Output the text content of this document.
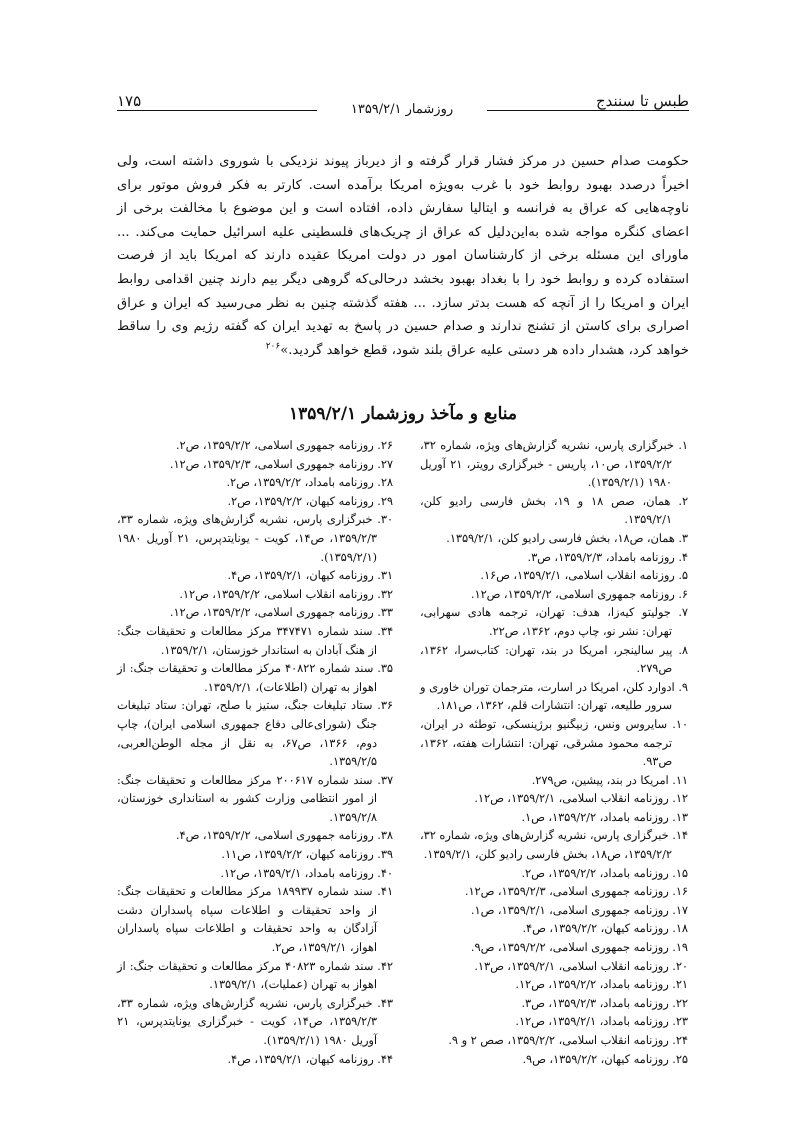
۱۷۵	طبس تا سنندج
روزشمار ۱۳۵۹/۲/۱

حکومت صدام حسین در مرکز فشار قرار گرفته و از دیرباز پیوند نزدیکی با شوروی داشته است، ولی اخیراً درصدد بهبود روابط خود با غرب به‌ویژه امریکا برآمده است. کارتر به فکر فروش موتور برای ناوچه‌هایی که عراق به فرانسه و ایتالیا سفارش داده، افتاده است و این موضوع با مخالفت برخی از اعضای کنگره مواجه شده به‌این‌دلیل که عراق از چریک‌های فلسطینی علیه اسرائیل حمایت می‌کند. ... ماورای این مسئله برخی از کارشناسان امور در دولت امریکا عقیده دارند که امریکا باید از فرصت استفاده کرده و روابط خود را با بغداد بهبود بخشد درحالی‌که گروهی دیگر بیم دارند چنین اقدامی روابط ایران و امریکا را از آنچه که هست بدتر سازد. ... هفته گذشته چنین به نظر می‌رسید که ایران و عراق اصراری برای کاستن از تشنج ندارند و صدام حسین در پاسخ به تهدید ایران که گفته رژیم وی را ساقط خواهد کرد، هشدار داده هر دستی علیه عراق بلند شود، قطع خواهد گردید.»$^{۲۰۶}$

منابع و مآخذ روزشمار ۱۳۵۹/۲/۱
۱. خبرگزاری پارس، نشریه گزارش‌های ویژه، شماره ۳۲، ۱۳۵۹/۲/۲، ص۱۰، پاریس - خبرگزاری رویتر، ۲۱ آوریل ۱۹۸۰ (۱۳۵۹/۲/۱).
۲. همان، صص ۱۸ و ۱۹، بخش فارسی رادیو کلن، ۱۳۵۹/۲/۱.
۳. همان، ص۱۸، بخش فارسی رادیو کلن، ۱۳۵۹/۲/۱.
۴. روزنامه بامداد، ۱۳۵۹/۲/۳، ص۳.
۵. روزنامه انقلاب اسلامی، ۱۳۵۹/۲/۱، ص۱۶.
۶. روزنامه جمهوری اسلامی، ۱۳۵۹/۲/۲، ص۱۲.
۷. جولیتو کیه‌زا، هدف: تهران، ترجمه هادی سهرابی، تهران: نشر نو، چاپ دوم، ۱۳۶۲، ص۲۲.
۸. پیر سالینجر، امریکا در بند، تهران: کتاب‌سرا، ۱۳۶۲، ص۲۷۹.
۹. ادوارد کلن، امریکا در اسارت، مترجمان توران خاوری و سرور طلیعه، تهران: انتشارات قلم، ۱۳۶۲، ص۱۸۱.
۱۰. سایروس ونس، زبیگنیو برژینسکی، توطئه در ایران، ترجمه محمود مشرقی، تهران: انتشارات هفته، ۱۳۶۲، ص۹۳.
۱۱. امریکا در بند، پیشین، ص۲۷۹.
۱۲. روزنامه انقلاب اسلامی، ۱۳۵۹/۲/۱، ص۱۲.
۱۳. روزنامه بامداد، ۱۳۵۹/۲/۲، ص۱.
۱۴. خبرگزاری پارس، نشریه گزارش‌های ویژه، شماره ۳۲، ۱۳۵۹/۲/۲، ص۱۸، بخش فارسی رادیو کلن، ۱۳۵۹/۲/۱.
۱۵. روزنامه بامداد، ۱۳۵۹/۲/۲، ص۲.
۱۶. روزنامه جمهوری اسلامی، ۱۳۵۹/۲/۳، ص۱۲.
۱۷. روزنامه جمهوری اسلامی، ۱۳۵۹/۲/۱، ص۱.
۱۸. روزنامه کیهان، ۱۳۵۹/۲/۲، ص۴.
۱۹. روزنامه جمهوری اسلامی، ۱۳۵۹/۲/۲، ص۹.
۲۰. روزنامه انقلاب اسلامی، ۱۳۵۹/۲/۱، ص۱۳.
۲۱. روزنامه بامداد، ۱۳۵۹/۲/۲، ص۱۲.
۲۲. روزنامه بامداد، ۱۳۵۹/۲/۳، ص۳.
۲۳. روزنامه بامداد، ۱۳۵۹/۲/۱، ص۱۲.
۲۴. روزنامه انقلاب اسلامی، ۱۳۵۹/۲/۲، صص ۲ و ۹.
۲۵. روزنامه کیهان، ۱۳۵۹/۲/۲، ص۹.
۲۶. روزنامه جمهوری اسلامی، ۱۳۵۹/۲/۲، ص۲.
۲۷. روزنامه جمهوری اسلامی، ۱۳۵۹/۲/۳، ص۱۲.
۲۸. روزنامه بامداد، ۱۳۵۹/۲/۲، ص۲.
۲۹. روزنامه کیهان، ۱۳۵۹/۲/۲، ص۲.
۳۰. خبرگزاری پارس، نشریه گزارش‌های ویژه، شماره ۳۳، ۱۳۵۹/۲/۳، ص۱۴، کویت - یونایتدپرس، ۲۱ آوریل ۱۹۸۰ (۱۳۵۹/۲/۱).
۳۱. روزنامه کیهان، ۱۳۵۹/۲/۱، ص۴.
۳۲. روزنامه انقلاب اسلامی، ۱۳۵۹/۲/۲، ص۱۲.
۳۳. روزنامه جمهوری اسلامی، ۱۳۵۹/۲/۲، ص۱۲.
۳۴. سند شماره ۳۴۷۴۷۱ مرکز مطالعات و تحقیقات جنگ: از هنگ آبادان به استاندار خوزستان، ۱۳۵۹/۲/۱.
۳۵. سند شماره ۴۰۸۲۲ مرکز مطالعات و تحقیقات جنگ: از اهواز به تهران (اطلاعات)، ۱۳۵۹/۲/۱.
۳۶. ستاد تبلیغات جنگ، ستیز با صلح، تهران: ستاد تبلیغات جنگ (شورای‌عالی دفاع جمهوری اسلامی ایران)، چاپ دوم، ۱۳۶۶، ص۶۷، به نقل از مجله الوطن‌العربی، ۱۳۵۹/۲/۵.
۳۷. سند شماره ۲۰۰۶۱۷ مرکز مطالعات و تحقیقات جنگ: از امور انتظامی وزارت کشور به استانداری خوزستان، ۱۳۵۹/۲/۸.
۳۸. روزنامه جمهوری اسلامی، ۱۳۵۹/۲/۲، ص۴.
۳۹. روزنامه کیهان، ۱۳۵۹/۲/۲، ص۱۱.
۴۰. روزنامه بامداد، ۱۳۵۹/۲/۱، ص۱۲.
۴۱. سند شماره ۱۸۹۹۳۷ مرکز مطالعات و تحقیقات جنگ: از واحد تحقیقات و اطلاعات سپاه پاسداران دشت آزادگان به واحد تحقیقات و اطلاعات سپاه پاسداران اهواز، ۱۳۵۹/۲/۱، ص۲.
۴۲. سند شماره ۴۰۸۲۳ مرکز مطالعات و تحقیقات جنگ: از اهواز به تهران (عملیات)، ۱۳۵۹/۲/۱.
۴۳. خبرگزاری پارس، نشریه گزارش‌های ویژه، شماره ۳۳، ۱۳۵۹/۲/۳، ص۱۴، کویت - خبرگزاری یونایتدپرس، ۲۱ آوریل ۱۹۸۰ (۱۳۵۹/۲/۱).
۴۴. روزنامه کیهان، ۱۳۵۹/۲/۱، ص۴.
